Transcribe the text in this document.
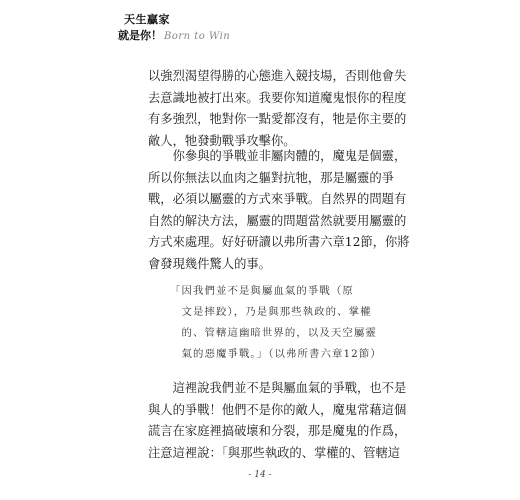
天生贏家
就是你！ Born to Win

以強烈渴望得勝的心態進入競技場，否則他會失
去意識地被打出來。我要你知道魔鬼恨你的程度
有多強烈，牠對你一點愛都沒有，牠是你主要的
敵人，牠發動戰爭攻擊你。

　　你參與的爭戰並非屬肉體的，魔鬼是個靈，
所以你無法以血肉之軀對抗牠，那是屬靈的爭
戰，必須以屬靈的方式來爭戰。自然界的問題有
自然的解決方法，屬靈的問題當然就要用屬靈的
方式來處理。好好研讀以弗所書六章12節，你將
會發現幾件驚人的事。

「因我們並不是與屬血氣的爭戰（原
　文是摔跤），乃是與那些執政的、掌權
　的、管轄這幽暗世界的，以及天空屬靈
　氣的惡魔爭戰。」（以弗所書六章12節）

　　這裡說我們並不是與屬血氣的爭戰，也不是
與人的爭戰！他們不是你的敵人，魔鬼常藉這個
謊言在家庭裡搞破壞和分裂，那是魔鬼的作爲，
注意這裡說：「與那些執政的、掌權的、管轄這

- 14 -
